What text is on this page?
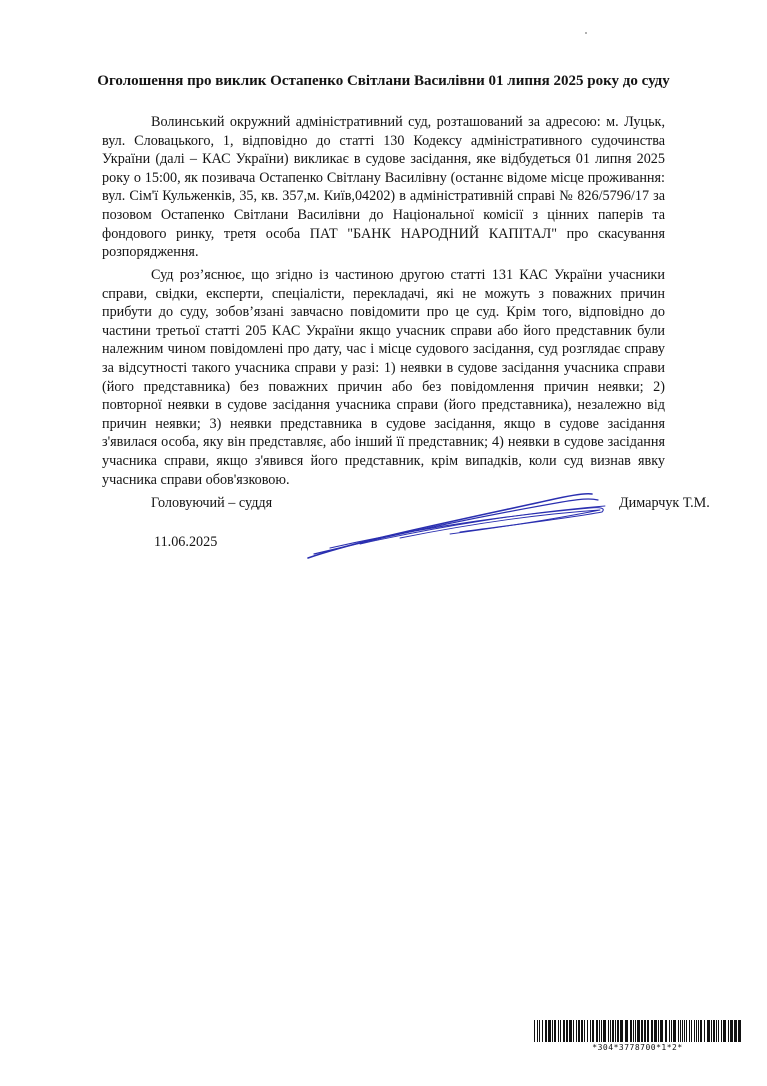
Оголошення про виклик Остапенко Світлани Василівни 01 липня 2025 року до суду

Волинський окружний адміністративний суд, розташований за адресою: м. Луцьк, вул. Словацького, 1, відповідно до статті 130 Кодексу адміністративного судочинства України (далі – КАС України) викликає в судове засідання, яке відбудеться 01 липня 2025 року о 15:00, як позивача Остапенко Світлану Василівну (останнє відоме місце проживання: вул. Сім'ї Кульженків, 35, кв. 357,м. Київ,04202) в адміністративній справі № 826/5796/17 за позовом Остапенко Світлани Василівни до Національної комісії з цінних паперів та фондового ринку, третя особа ПАТ "БАНК НАРОДНИЙ КАПІТАЛ" про скасування розпорядження.

Суд роз’яснює, що згідно із частиною другою статті 131 КАС України учасники справи, свідки, експерти, спеціалісти, перекладачі, які не можуть з поважних причин прибути до суду, зобов’язані завчасно повідомити про це суд. Крім того, відповідно до частини третьої статті 205 КАС України якщо учасник справи або його представник були належним чином повідомлені про дату, час і місце судового засідання, суд розглядає справу за відсутності такого учасника справи у разі: 1) неявки в судове засідання учасника справи (його представника) без поважних причин або без повідомлення причин неявки; 2) повторної неявки в судове засідання учасника справи (його представника), незалежно від причин неявки; 3) неявки представника в судове засідання, якщо в судове засідання з'явилася особа, яку він представляє, або інший її представник; 4) неявки в судове засідання учасника справи, якщо з'явився його представник, крім випадків, коли суд визнав явку учасника справи обов'язковою.

Головуючий – суддя	Димарчук Т.М.
11.06.2025
*304*3778700*1*2*
